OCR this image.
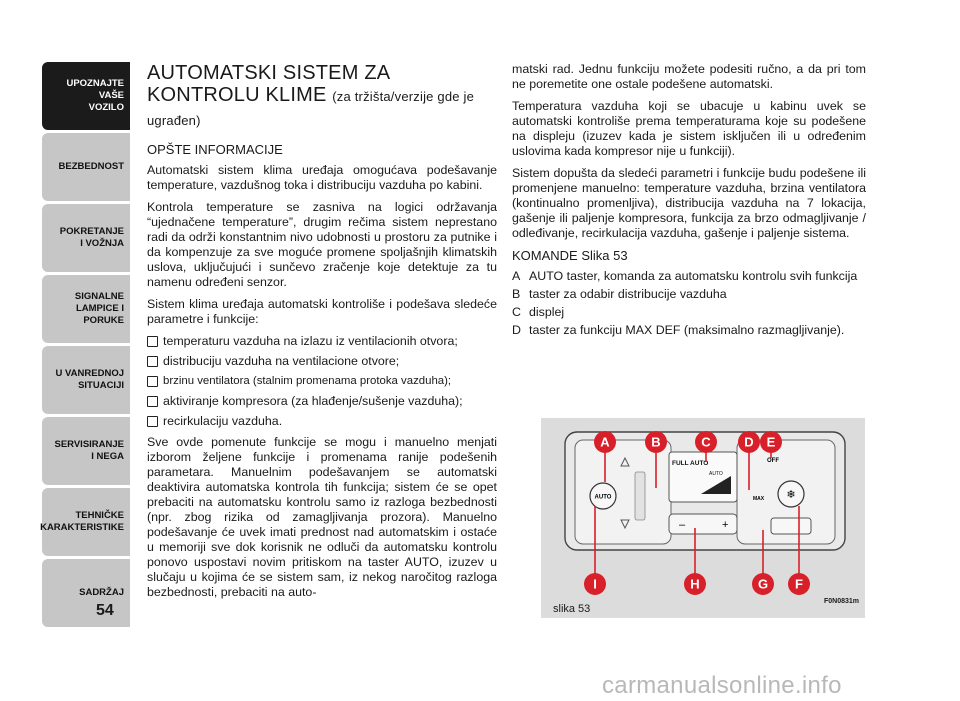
UPOZNAJTE
VAŠE
VOZILO
BEZBEDNOST
POKRETANJE
I VOŽNJA
SIGNALNE
LAMPICE I PORUKE
U VANREDNOJ
SITUACIJI
SERVISIRANJE
I NEGA
TEHNIČKE
KARAKTERISTIKE
SADRŽAJ
54
AUTOMATSKI SISTEM ZA KONTROLU KLIME (za tržišta/verzije gde je ugrađen)
OPŠTE INFORMACIJE

Automatski sistem klima uređaja omogućava podešavanje temperature, vazdušnog toka i distribuciju vazduha po kabini.

Kontrola temperature se zasniva na logici održavanja “ujednačene temperature”, drugim rečima sistem neprestano radi da održi konstantnim nivo udobnosti u prostoru za putnike i da kompenzuje za sve moguće promene spoljašnjih klimatskih uslova, uključujući i sunčevo zračenje koje detektuje za tu namenu određeni senzor.

Sistem klima uređaja automatski kontroliše i podešava sledeće parametre i funkcije:

temperaturu vazduha na izlazu iz ventilacionih otvora;
distribuciju vazduha na ventilacione otvore;
brzinu ventilatora (stalnim promenama protoka vazduha);
aktiviranje kompresora (za hlađenje/sušenje vazduha);
recirkulaciju vazduha.

Sve ovde pomenute funkcije se mogu i manuelno menjati izborom željene funkcije i promenama ranije podešenih parametara. Manuelnim podešavanjem se automatski deaktivira automatska kontrola tih funkcija; sistem će se opet prebaciti na automatsku kontrolu samo iz razloga bezbednosti (npr. zbog rizika od zamagljivanja prozora). Manuelno podešavanje će uvek imati prednost nad automatskim i ostaće u memoriji sve dok korisnik ne odluči da automatsku kontrolu ponovo uspostavi novim pritiskom na taster AUTO, izuzev u slučaju u kojima će se sistem sam, iz nekog naročitog razloga bezbednosti, prebaciti na auto-

matski rad. Jednu funkciju možete podesiti ručno, a da pri tom ne poremetite one ostale podešene automatski.

Temperatura vazduha koji se ubacuje u kabinu uvek se automatski kontroliše prema temperaturama koje su podešene na displeju (izuzev kada je sistem isključen ili u određenim uslovima kada kompresor nije u funkciji).

Sistem dopušta da sledeći parametri i funkcije budu podešene ili promenjene manuelno: temperature vazduha, brzina ventilatora (kontinualno promenljiva), distribucija vazduha na 7 lokacija, gašenje ili paljenje kompresora, funkcija za brzo odmagljivanje / odleđivanje, recirkulacija vazduha, gašenje i paljenje sistema.

KOMANDE Slika 53
A AUTO taster, komanda za automatsku kontrolu svih funkcija
B taster za odabir distribucije vazduha
C displej
D taster za funkciju MAX DEF (maksimalno razmagljivanje).
FULL AUTO
AUTO
AUTO
–	+
OFF
MAX ❄
A	B	C	D E
I	H	G F
slika 53
F0N0831m
carmanualsonline.info
